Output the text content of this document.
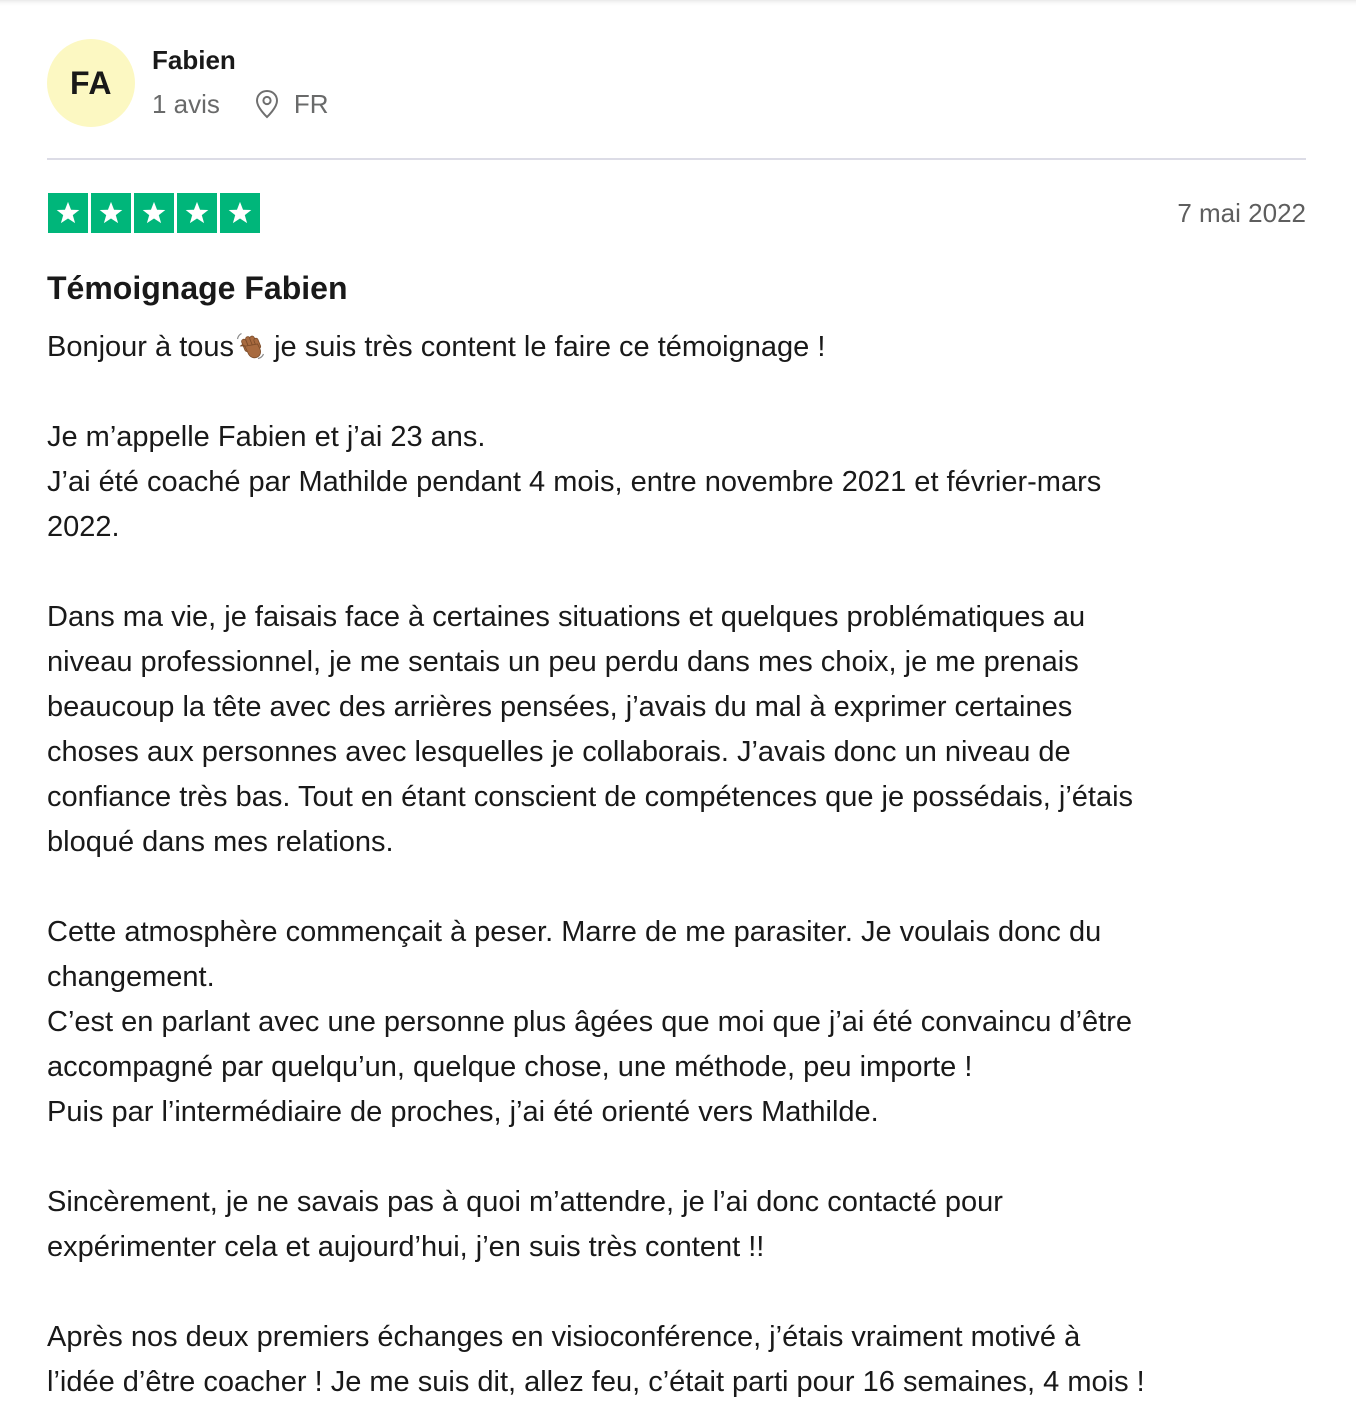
FA
Fabien
1 avis	FR
7 mai 2022
Témoignage Fabien
Bonjour à tous je suis très content le faire ce témoignage !
Je m’appelle Fabien et j’ai 23 ans.
J’ai été coaché par Mathilde pendant 4 mois, entre novembre 2021 et février-mars
2022.
Dans ma vie, je faisais face à certaines situations et quelques problématiques au
niveau professionnel, je me sentais un peu perdu dans mes choix, je me prenais
beaucoup la tête avec des arrières pensées, j’avais du mal à exprimer certaines
choses aux personnes avec lesquelles je collaborais. J’avais donc un niveau de
confiance très bas. Tout en étant conscient de compétences que je possédais, j’étais
bloqué dans mes relations.
Cette atmosphère commençait à peser. Marre de me parasiter. Je voulais donc du
changement.
C’est en parlant avec une personne plus âgées que moi que j’ai été convaincu d’être
accompagné par quelqu’un, quelque chose, une méthode, peu importe !
Puis par l’intermédiaire de proches, j’ai été orienté vers Mathilde.
Sincèrement, je ne savais pas à quoi m’attendre, je l’ai donc contacté pour
expérimenter cela et aujourd’hui, j’en suis très content !!
Après nos deux premiers échanges en visioconférence, j’étais vraiment motivé à
l’idée d’être coacher ! Je me suis dit, allez feu, c’était parti pour 16 semaines, 4 mois !
